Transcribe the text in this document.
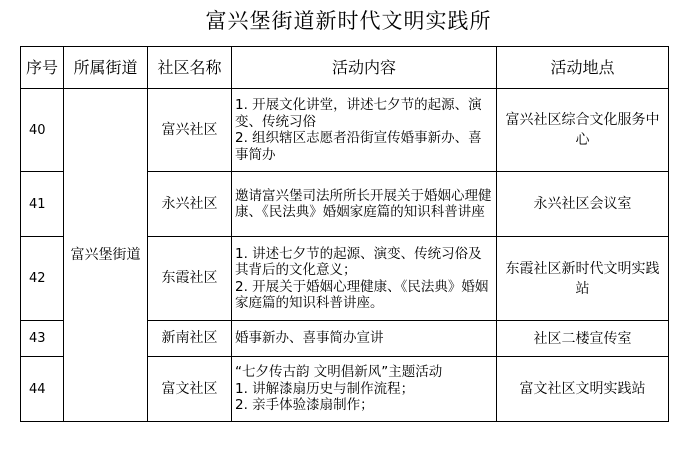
富兴堡街道新时代文明实践所
序号	所属街道	社区名称	活动内容	活动地点
40	富兴堡街道	富兴社区	1. 开展文化讲堂，讲述七夕节的起源、演变、传统习俗
2. 组织辖区志愿者沿街宣传婚事新办、喜事简办	富兴社区综合文化服务中心
41		永兴社区	邀请富兴堡司法所所长开展关于婚姻心理健康、《民法典》婚姻家庭篇的知识科普讲座	永兴社区会议室
42		东霞社区	1. 讲述七夕节的起源、演变、传统习俗及其背后的文化意义；
2. 开展关于婚姻心理健康、《民法典》婚姻家庭篇的知识科普讲座。	东霞社区新时代文明实践站
43		新南社区	婚事新办、喜事简办宣讲	社区二楼宣传室
44		富文社区	“七夕传古韵 文明倡新风”主题活动
1. 讲解漆扇历史与制作流程；
2. 亲手体验漆扇制作；	富文社区文明实践站
